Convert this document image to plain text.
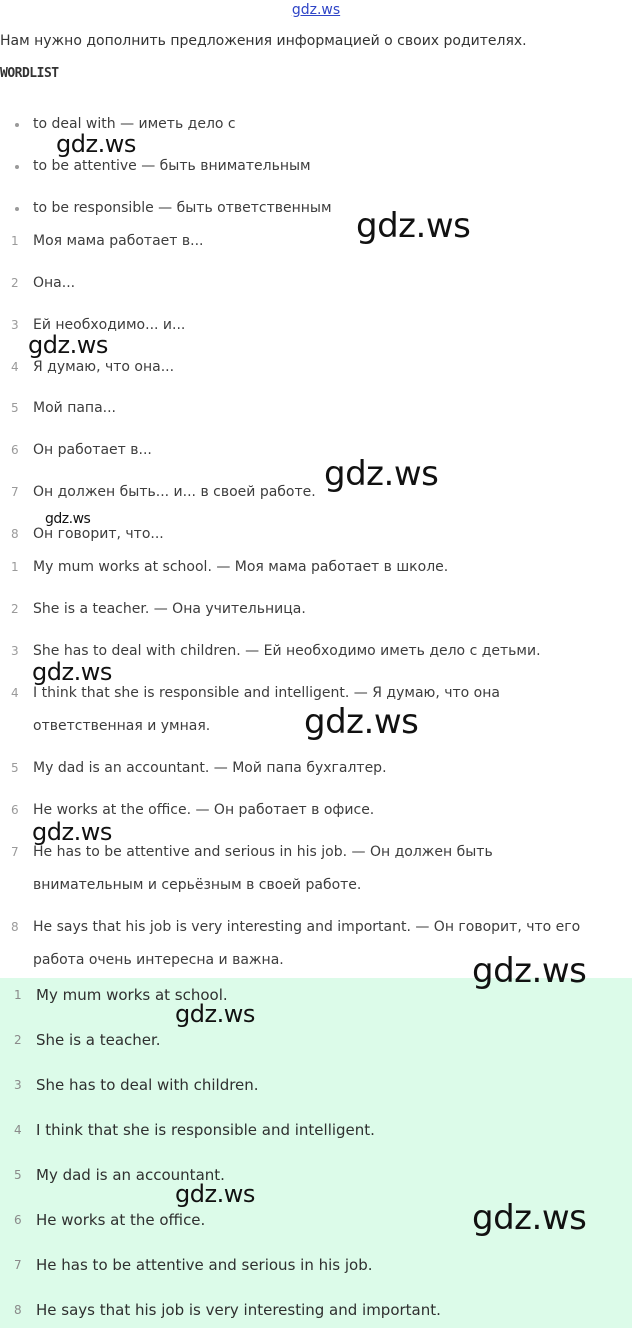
gdz.ws
Нам нужно дополнить предложения информацией о своих родителях.
WORDLIST
to deal with — иметь дело с
to be attentive — быть внимательным
to be responsible — быть ответственным
1	Моя мама работает в...
2	Она...
3	Ей необходимо... и...
4	Я думаю, что она...
5	Мой папа...
6	Он работает в...
7	Он должен быть... и... в своей работе.
8	Он говорит, что...
1	My mum works at school. — Моя мама работает в школе.
2	She is a teacher. — Она учительница.
3	She has to deal with children. — Ей необходимо иметь дело с детьми.
4	I think that she is responsible and intelligent. — Я думаю, что она
ответственная и умная.
5	My dad is an accountant. — Мой папа бухгалтер.
6	He works at the office. — Он работает в офисе.
7	He has to be attentive and serious in his job. — Он должен быть
внимательным и серьёзным в своей работе.
8	He says that his job is very interesting and important. — Он говорит, что его
работа очень интересна и важна.
1 My mum works at school.
2 She is a teacher.
3 She has to deal with children.
4 I think that she is responsible and intelligent.
5 My dad is an accountant.
6 He works at the office.
7 He has to be attentive and serious in his job.
8 He says that his job is very interesting and important.
gdz.ws
gdz.ws
gdz.ws
gdz.ws
gdz.ws
gdz.ws
gdz.ws
gdz.ws
gdz.ws
gdz.ws
gdz.ws
gdz.ws
